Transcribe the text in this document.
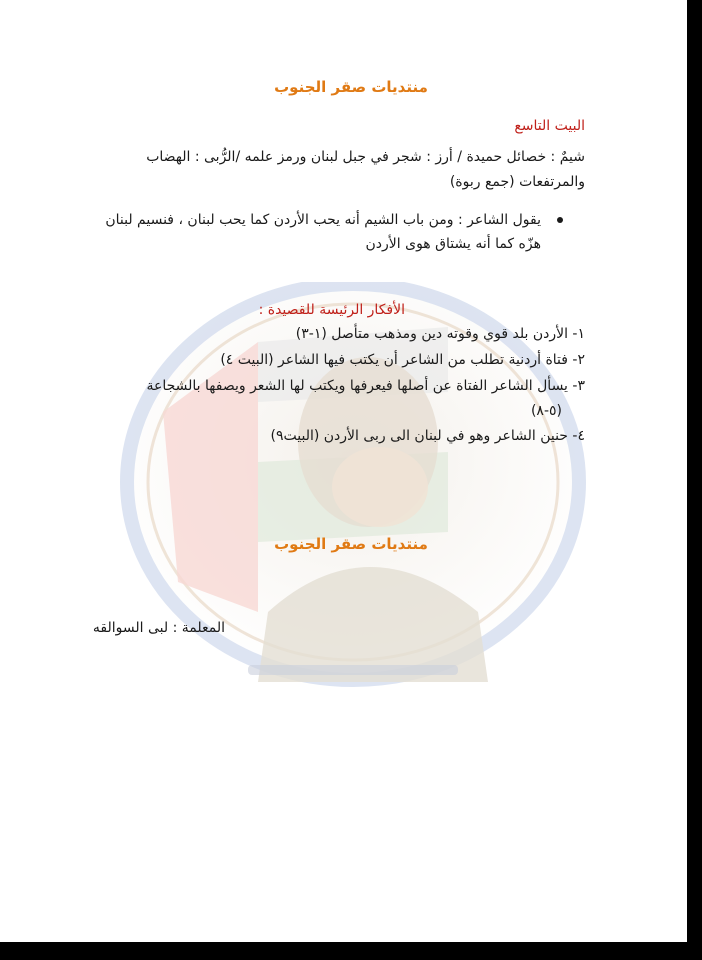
منتديات صقر الجنوب
البيت التاسع
شيمٌ : خصائل حميدة / أرز : شجر في جبل لبنان ورمز علمه /الرُّبى : الهضاب
والمرتفعات (جمع ربوة)
يقول الشاعر : ومن باب الشيم أنه يحب الأردن كما يحب لبنان ، فنسيم لبنان
هزّه كما أنه يشتاق هوى الأردن
الأفكار الرئيسة للقصيدة :
١- الأردن بلد قوي وقوته دين ومذهب متأصل (١-٣)
٢- فتاة أردنية تطلب من الشاعر أن يكتب فيها الشاعر (البيت ٤)
٣- يسأل الشاعر الفتاة عن أصلها فيعرفها ويكتب لها الشعر ويصفها بالشجاعة
(٥-٨)
٤- حنين الشاعر وهو في لبنان الى ربى الأردن (البيت٩)
منتديات صقر الجنوب
المعلمة : لبى السوالقه
